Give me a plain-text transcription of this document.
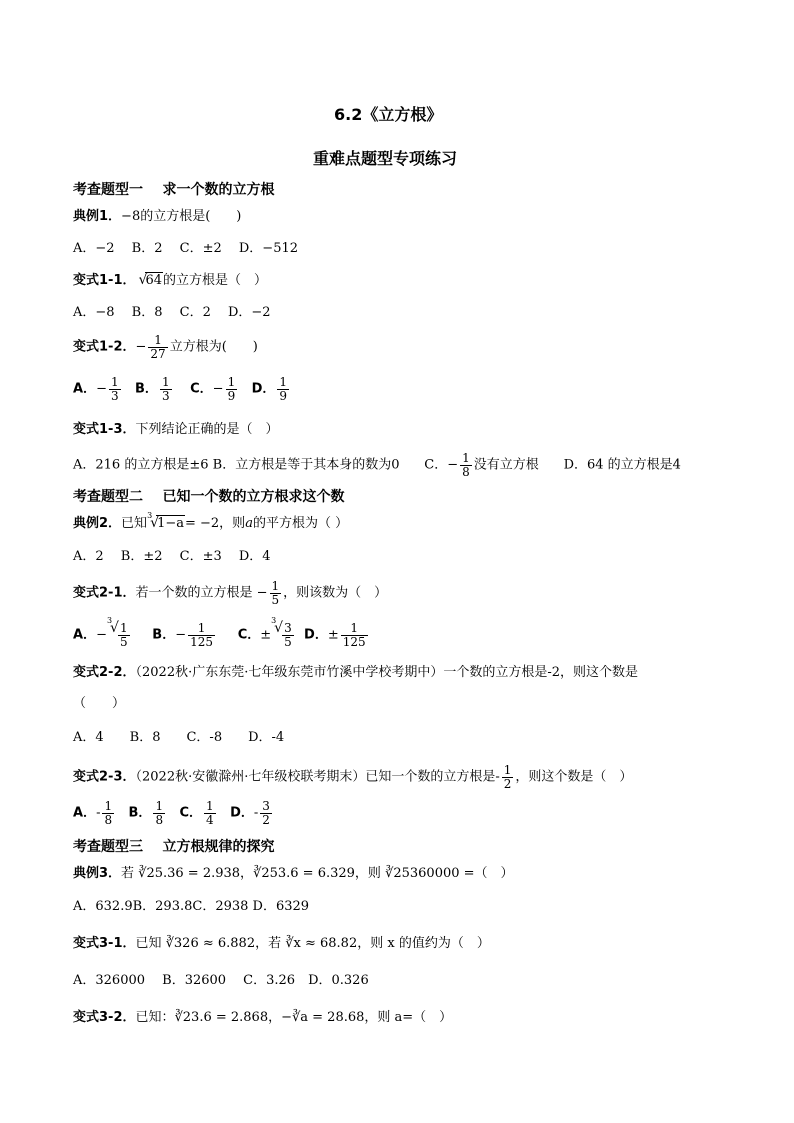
6.2《立方根》
重难点题型专项练习
考查题型一 求一个数的立方根
典例1．−8的立方根是(　　)
A．−2　 B．2　 C．±2　 D．−512
变式1-1． √
64的立方根是（　）
A．−8　 B．8　 C．2　 D．−2
变式1-2．− $\frac{1}{27}$ 立方根为(　　)
A．− $\frac{1}{3}$ B． $\frac{1}{3}$ C．− $\frac{1}{9}$ D． $\frac{1}{9}$
变式1-3．下列结论正确的是（　）
A．216 的立方根是±6 B．立方根是等于其本身的数为0 C．− $\frac{1}{8}$ 没有立方根 D．64 的立方根是4
考查题型二 已知一个数的立方根求这个数
典例2．已知
3
√
1−a= −2，则a的平方根为（ ）
A．2　 B．±2　 C．±3　 D．4
变式2-1．若一个数的立方根是 − $\frac{1}{5}$ ，则该数为（　）
A．−
3
√ $\frac{1}{5}$ B．− $\frac{1}{125}$ C．±
3
√ $\frac{3}{5}$ D．± $\frac{1}{125}$
变式2-2．（2022秋·广东东莞·七年级东莞市竹溪中学校考期中）一个数的立方根是-2，则这个数是
（　　）
A．4　　B．8　　C．-8　　D．-4
变式2-3．（2022秋·安徽滁州·七年级校联考期末）已知一个数的立方根是- $\frac{1}{2}$ ，则这个数是（　）
A．- $\frac{1}{8}$ B． $\frac{1}{8}$ C． $\frac{1}{4}$ D．- $\frac{3}{2}$
考查题型三 立方根规律的探究
典例3．若 ∛25.36 = 2.938，∛253.6 = 6.329，则 ∛25360000 =（　）
A．632.9B．293.8C．2938 D．6329
变式3-1．已知 ∛326 ≈ 6.882，若 ∛x ≈ 68.82，则 x 的值约为（　）
A．326000　 B．32600　 C．3.26　D．0.326
变式3-2．已知：∛23.6 = 2.868，−∛a = 28.68，则 a=（　）
